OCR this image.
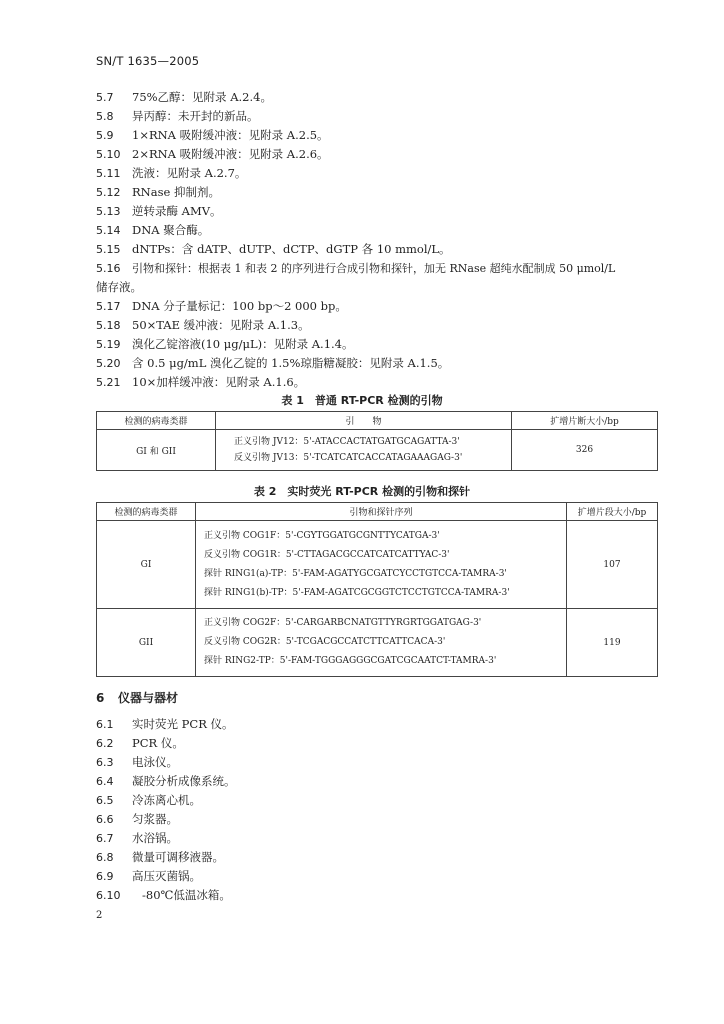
SN/T 1635—2005
5.7	75%乙醇：见附录 A.2.4。
5.8	异丙醇：未开封的新品。
5.9	1×RNA 吸附缓冲液：见附录 A.2.5。
5.10	2×RNA 吸附缓冲液：见附录 A.2.6。
5.11	洗液：见附录 A.2.7。
5.12	RNase 抑制剂。
5.13	逆转录酶 AMV。
5.14	DNA 聚合酶。
5.15	dNTPs：含 dATP、dUTP、dCTP、dGTP 各 10 mmol/L。
5.16	引物和探针：根据表 1 和表 2 的序列进行合成引物和探针，加无 RNase 超纯水配制成 50 μmol/L
储存液。
5.17	DNA 分子量标记：100 bp～2 000 bp。
5.18	50×TAE 缓冲液：见附录 A.1.3。
5.19	溴化乙锭溶液(10 μg/μL)：见附录 A.1.4。
5.20	含 0.5 μg/mL 溴化乙锭的 1.5%琼脂糖凝胶：见附录 A.1.5。
5.21	10×加样缓冲液：见附录 A.1.6。
表 1　普通 RT-PCR 检测的引物
检测的病毒类群	引　　物	扩增片断大小/bp
GI 和 GII	正义引物 JV12：5'-ATACCACTATGATGCAGATTA-3'
反义引物 JV13：5'-TCATCATCACCATAGAAAGAG-3'	326
表 2　实时荧光 RT-PCR 检测的引物和探针
检测的病毒类群	引物和探针序列	扩增片段大小/bp
GI	正义引物 COG1F：5'-CGYTGGATGCGNTTYCATGA-3'
反义引物 COG1R：5'-CTTAGACGCCATCATCATTYAC-3'
探针 RING1(a)-TP：5'-FAM-AGATYGCGATCYCCTGTCCA-TAMRA-3'
探针 RING1(b)-TP：5'-FAM-AGATCGCGGTCTCCTGTCCA-TAMRA-3'	107
GII	正义引物 COG2F：5'-CARGARBCNATGTTYRGRTGGATGAG-3'
反义引物 COG2R：5'-TCGACGCCATCTTCATTCACA-3'
探针 RING2-TP：5'-FAM-TGGGAGGGCGATCGCAATCT-TAMRA-3'	119
6 仪器与器材
6.1	实时荧光 PCR 仪。
6.2	PCR 仪。
6.3	电泳仪。
6.4	凝胶分析成像系统。
6.5	冷冻离心机。
6.6	匀浆器。
6.7	水浴锅。
6.8	微量可调移液器。
6.9	高压灭菌锅。
6.10	-80℃低温冰箱。
2
